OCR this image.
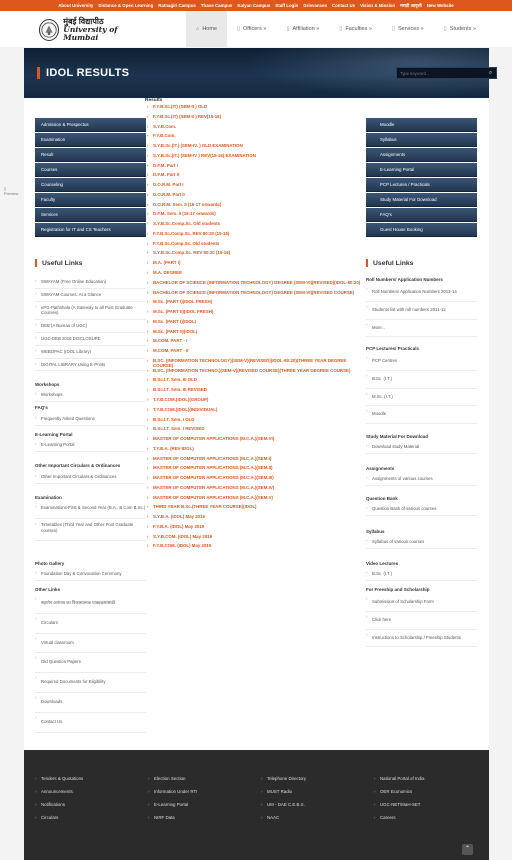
About University Distance & Open Learning Ratnagiri Campus Thane Campus Kalyan Campus Staff Login Grievances Contact Us Vision & Mission मराठी आवृत्ती New Website
मुंबई विद्यापीठ
University of Mumbai
⌂ Home	▯ Officers »	▯ Affiliation »	▯ Faculties »	▯ Services »	▯ Students »
IDOL RESULTS
Type keyword...	⌕
▯
Preview
Admission & Prospectus
Examination
Result
Courses
Counseling
Faculty
Services
Registration for IT and CS Teachers
Moodle
Syllabus
Assignments
E-Learning Portal
PCP Lectures / Practicals
Study Material For Download
FAQ's
Guest House Booking
Useful Links	Useful Links
› SWAYAM (Free Online Education)
› SWAYAM Courses: At a Glance
› ePG-Pathshala (A Gateway to all Post Graduate Courses)
› DEB (A Bureau of UGC)
› UGC-DEB 2018 DISCLOSURE
› WEBOPAC (IDOL Library)
› DIGITAL LIBRARY Using E-Prints
Workshops
› Workshops
FAQ's
› Frequently Asked Questions
E-Learning Portal
› E-Learning Portal
Other Important Circulars & Ordinances
› Other Important Circulars & Ordinances
Examination
› Examinations-First & Second Year (B.A., B.Com B.Sc.)
› Timetables (Third Year and Other Post Graduate courses)
Photo Gallery
› Foundation Day & Convocation Ceremony
Other Links
› सहयोग अपंगत्व का विकासात्मक पाठ्यक्रमासाठी
› Circulars
› Virtual classroom
› Old Question Papers
› Required Documents for Eligibility
› Downloads
› Contact Us
Roll Numbers/ Application Numbers
› Roll Numbers/ Application Numbers 2013-14
› Students list with roll numbers 2011-12
› More...
PCP Lectures/ Practicals
› PCP Centres
› B.Sc. (I.T.)
› M.Sc. (I.T.)
› Moodle
Study Material For Download
› Download study Material
Assignments
› Assignments of various courses
Question Bank
› Question Bank of various courses
Syllabus
› Syllabus of various courses
Video Lectures
› B.Sc. (I.T.)
For Freeship and Scholarship
› Submission of Scholarship Form
› Click here
› Instructions to Scholarship / Freeship Students
Results
› F.Y.B.Sc.(IT) (SEM-II ) OLD
› F.Y.B.Sc.(IT) (SEM-II ) REV(15-16)
› S.Y.B.Com.
› F.Y.B.Com.
› S.Y.B.Sc.(IT.) (SEM-IV. ) OLD EXAMINATION
› S.Y.B.Sc.(IT.) (SEM-IV ) REV(15-16) EXAMINATION
› D.F.M. Part I
› D.F.M. Part II
› D.O.R.M. Part I
› D.O.R.M. Part II
› D.O.R.M. Sem. II (16-17 onwards)
› D.F.M. Sem. II (16-17 onwards)
› S.Y.B.Sc.Comp.Sc. Old students
› F.Y.B.Sc.Comp.Sc. REV 80:20 (15-16)
› F.Y.B.Sc.Comp.Sc. Old students
› S.Y.B.Sc.Comp.Sc. REV 80:20 (15-16)
› M.A. (PART I)
› M.A. DEGREE
› BACHELOR OF SCIENCE (INFORMATION TECHNOLOGY) DEGREE (SEM-VI)(REVISED)(IDOL-80:20)
› BACHELOR OF SCIENCE (INFORMATION TECHNOLOGY) DEGREE (SEM-VI)(REVISED COURSE)
› M.Sc. (PART I)(IDOL FRESH)
› M.Sc. (PART II)(IDOL FRESH)
› M.Sc. (PART I)(IDOL)
› M.Sc. (PART II)(IDOL)
› M.COM. PART - I
› M.COM. PART - II
› B.SC. (INFORMATION TECHNOLOGY)(SEM-V)(REVISED)(IDOL-80:20)(THREE YEAR DEGREE COURSE)
› B.SC. (INFORMATION TECHNO.)(SEM-V)(REVISED COURSE)(THREE YEAR DEGREE COURSE)
› B.Sc.I.T. Sem. III OLD
› B.Sc.I.T. Sem. III REVISED
› T.Y.B.COM.(IDOL)(GROUP)
› T.Y.B.COM.(IDOL)(INDIVIDUAL)
› B.Sc.I.T. Sem. I OLD
› B.Sc.I.T. Sem. I REVISED
› MASTER OF COMPUTER APPLICATIONS (M.C.A.)(SEM.VI)
› T.Y.B.A. (REV-IDOL)
› MASTER OF COMPUTER APPLICATIONS (M.C.A.)(SEM.I)
› MASTER OF COMPUTER APPLICATIONS (M.C.A.)(SEM.II)
› MASTER OF COMPUTER APPLICATIONS (M.C.A.)(SEM.III)
› MASTER OF COMPUTER APPLICATIONS (M.C.A.)(SEM.IV)
› MASTER OF COMPUTER APPLICATIONS (M.C.A.)(SEM.V)
› THIRD YEAR B.Sc.(THREE YEAR COURSE)(IDOL)
› S.Y.B.A. (IDOL) May 2019
› F.Y.B.A. (IDOL) May 2019
› S.Y.B.COM. (IDOL) May 2019
› F.Y.B.COM. (IDOL) May 2019
› Tenders & Quotations
› Announcements
› Notifications
› Circulars
› Election Section
› Information Under RTI
› E-Learning Portal
› NIRF Data
› Telephone Directory
› MUST Radio
› UM - DAE C.E.B.S.
› NAAC
› National Portal of India
› OER Economics
› UGC-NET/MaH-SET
› Careers
⌃
